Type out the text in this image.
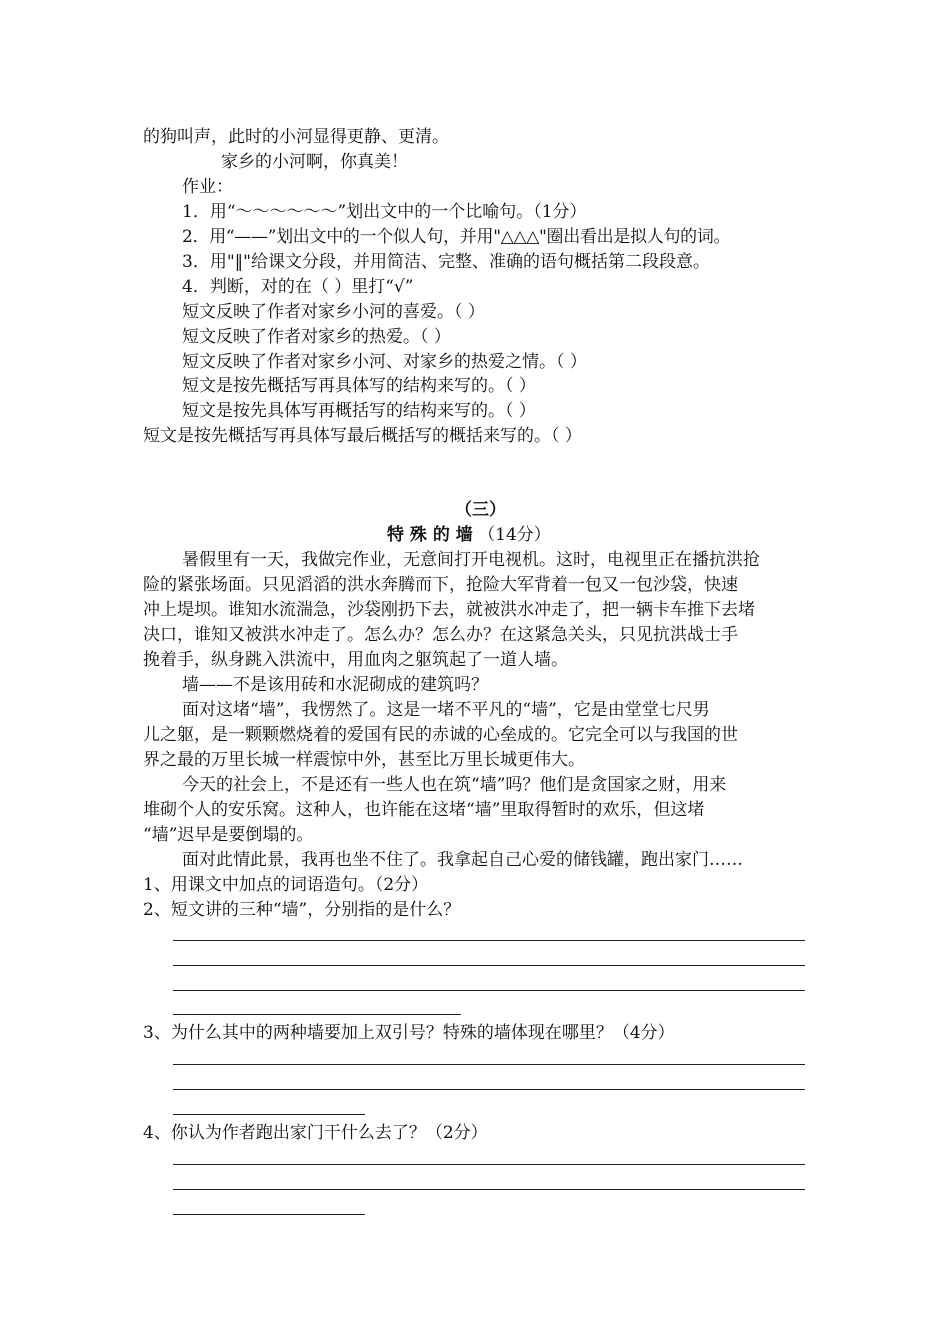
的狗叫声，此时的小河显得更静、更清。
家乡的小河啊，你真美！
作业：
1．用“～～～～～～”划出文中的一个比喻句。（1分）
2．用“——”划出文中的一个似人句，并用"△△△"圈出看出是拟人句的词。
3．用"‖"给课文分段，并用简洁、完整、准确的语句概括第二段段意。
4．判断，对的在（ ）里打“√”
短文反映了作者对家乡小河的喜爱。（ ）
短文反映了作者对家乡的热爱。（ ）
短文反映了作者对家乡小河、对家乡的热爱之情。（ ）
短文是按先概括写再具体写的结构来写的。（ ）
短文是按先具体写再概括写的结构来写的。（ ）
短文是按先概括写再具体写最后概括写的概括来写的。（ ）
（三）
特 殊 的 墙 （14分）
暑假里有一天，我做完作业，无意间打开电视机。这时，电视里正在播抗洪抢
险的紧张场面。只见滔滔的洪水奔腾而下，抢险大军背着一包又一包沙袋，快速
冲上堤坝。谁知水流湍急，沙袋刚扔下去，就被洪水冲走了，把一辆卡车推下去堵
决口，谁知又被洪水冲走了。怎么办？怎么办？在这紧急关头，只见抗洪战士手
挽着手，纵身跳入洪流中，用血肉之躯筑起了一道人墙。
墙——不是该用砖和水泥砌成的建筑吗？
面对这堵“墙”，我愣然了。这是一堵不平凡的“墙”，它是由堂堂七尺男
儿之躯，是一颗颗燃烧着的爱国有民的赤诚的心垒成的。它完全可以与我国的世
界之最的万里长城一样震惊中外，甚至比万里长城更伟大。
今天的社会上，不是还有一些人也在筑“墙”吗？他们是贪国家之财，用来
堆砌个人的安乐窝。这种人，也许能在这堵“墙”里取得暂时的欢乐，但这堵
“墙”迟早是要倒塌的。
面对此情此景，我再也坐不住了。我拿起自己心爱的储钱罐，跑出家门……
1、用课文中加点的词语造句。（2分）
2、短文讲的三种“墙”，分别指的是什么？
3、为什么其中的两种墙要加上双引号？特殊的墙体现在哪里？（4分）
4、你认为作者跑出家门干什么去了？（2分）
